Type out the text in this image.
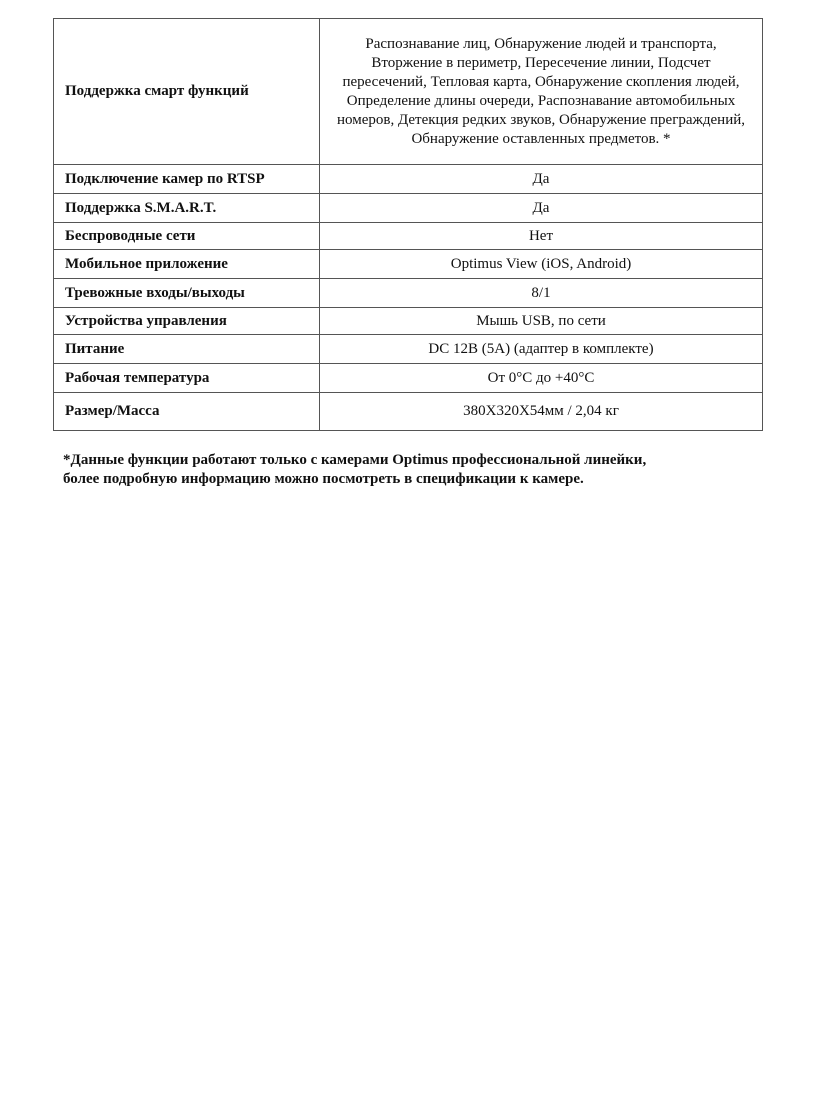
Поддержка смарт функций	Распознавание лиц, Обнаружение людей и транспорта, Вторжение в периметр, Пересечение линии, Подсчет пересечений, Тепловая карта, Обнаружение скопления людей, Определение длины очереди, Распознавание автомобильных номеров, Детекция редких звуков, Обнаружение преграждений, Обнаружение оставленных предметов. *
Подключение камер по RTSP	Да
Поддержка S.M.A.R.T.	Да
Беспроводные сети	Нет
Мобильное приложение	Optimus View (iOS, Android)
Тревожные входы/выходы	8/1
Устройства управления	Мышь USB, по сети
Питание	DC 12В (5А) (адаптер в комплекте)
Рабочая температура	От 0°С до +40°С
Размер/Масса	380Х320Х54мм / 2,04 кг

*Данные функции работают только с камерами Optimus профессиональной линейки,
более подробную информацию можно посмотреть в спецификации к камере.
